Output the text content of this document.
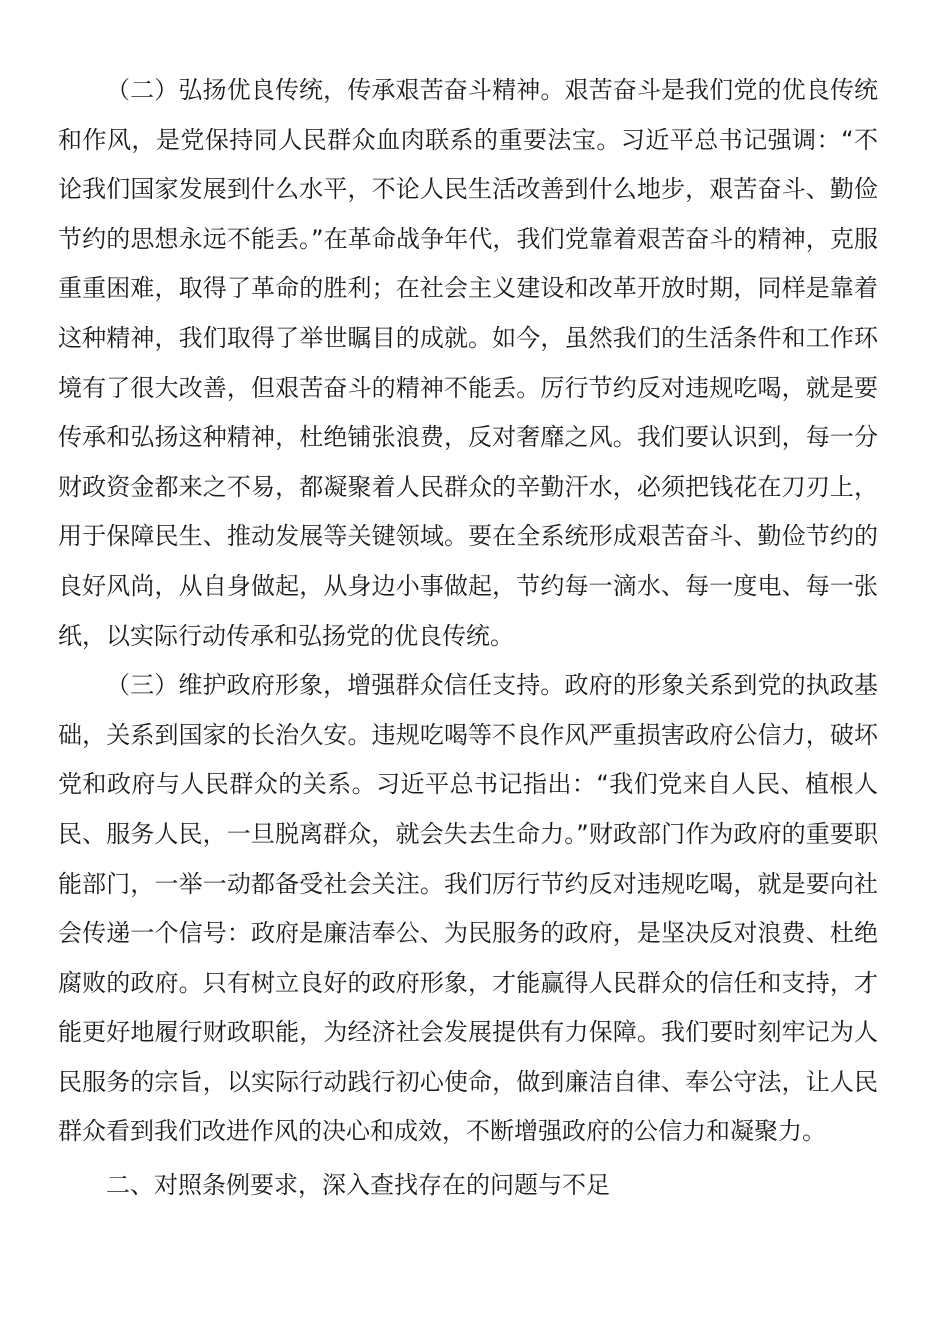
（二）弘扬优良传统，传承艰苦奋斗精神。艰苦奋斗是我们党的优良传统和作风，是党保持同人民群众血肉联系的重要法宝。习近平总书记强调：“不论我们国家发展到什么水平，不论人民生活改善到什么地步，艰苦奋斗、勤俭节约的思想永远不能丢。”在革命战争年代，我们党靠着艰苦奋斗的精神，克服重重困难，取得了革命的胜利；在社会主义建设和改革开放时期，同样是靠着这种精神，我们取得了举世瞩目的成就。如今，虽然我们的生活条件和工作环境有了很大改善，但艰苦奋斗的精神不能丢。厉行节约反对违规吃喝，就是要传承和弘扬这种精神，杜绝铺张浪费，反对奢靡之风。我们要认识到，每一分财政资金都来之不易，都凝聚着人民群众的辛勤汗水，必须把钱花在刀刃上，用于保障民生、推动发展等关键领域。要在全系统形成艰苦奋斗、勤俭节约的良好风尚，从自身做起，从身边小事做起，节约每一滴水、每一度电、每一张纸，以实际行动传承和弘扬党的优良传统。

（三）维护政府形象，增强群众信任支持。政府的形象关系到党的执政基础，关系到国家的长治久安。违规吃喝等不良作风严重损害政府公信力，破坏党和政府与人民群众的关系。习近平总书记指出：“我们党来自人民、植根人民、服务人民，一旦脱离群众，就会失去生命力。”财政部门作为政府的重要职能部门，一举一动都备受社会关注。我们厉行节约反对违规吃喝，就是要向社会传递一个信号：政府是廉洁奉公、为民服务的政府，是坚决反对浪费、杜绝腐败的政府。只有树立良好的政府形象，才能赢得人民群众的信任和支持，才能更好地履行财政职能，为经济社会发展提供有力保障。我们要时刻牢记为人民服务的宗旨，以实际行动践行初心使命，做到廉洁自律、奉公守法，让人民群众看到我们改进作风的决心和成效，不断增强政府的公信力和凝聚力。

二、对照条例要求，深入查找存在的问题与不足
